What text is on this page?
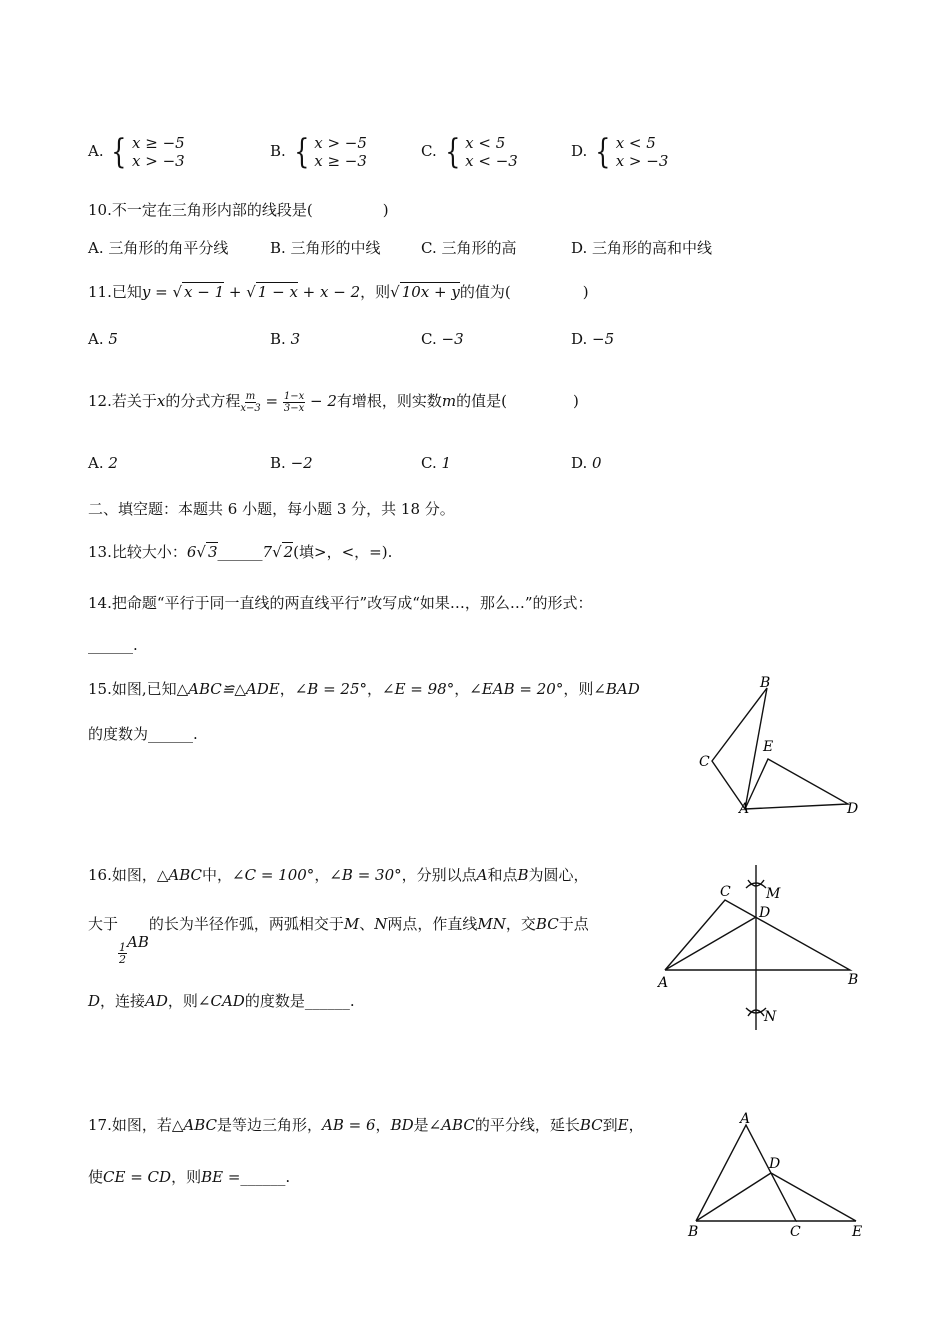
A. { x ≥ −5
x > −3
B. { x > −5
x ≥ −3
C. { x < 5
x < −3
D. { x < 5
x > −3
10.不一定在三角形内部的线段是(	)
A. 三角形的角平分线	B. 三角形的中线	C. 三角形的高	D. 三角形的高和中线
11.已知y = √ x − 1 + √ 1 − x + x − 2，则√ 10x + y的值为(	)
A. 5	B. 3	C. −3	D. −5
12.若关于x的分式方程 $\frac{m}{x-3} = \frac{1-x}{3-x} - 2$有增根，则实数m的值是(	)
A. 2	B. −2	C. 1	D. 0
二、填空题：本题共 6 小题，每小题 3 分，共 18 分。
13.比较大小：6√ 3______7√ 2(填>，<，=).
14.把命题“平行于同一直线的两直线平行”改写成“如果…，那么…”的形式：
______.
15.如图,已知△ABC≌△ADE，∠B = 25°，∠E = 98°，∠EAB = 20°，则∠BAD
的度数为______.
B
C
E
A	D
16.如图，△ABC中，∠C = 100°，∠B = 30°，分别以点A和点B为圆心，
大于
$\frac{1}{2}$ AB的长为半径作弧，两弧相交于M、N两点，作直线MN，交BC于点
D，连接AD，则∠CAD的度数是______.
C	M
D
A	B
N
17.如图，若△ABC是等边三角形，AB = 6，BD是∠ABC的平分线，延长BC到E，
使CE = CD，则BE =______.
A
D
B	C	E
